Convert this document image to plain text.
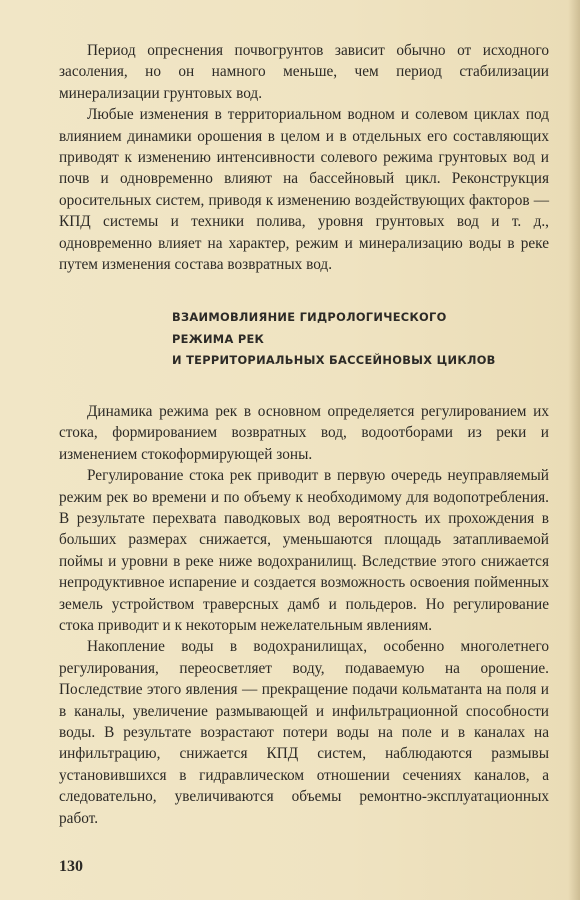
Период опреснения почвогрунтов зависит обычно от исходного засоления, но он намного меньше, чем период стабилизации минерализации грунтовых вод.

Любые изменения в территориальном водном и солевом циклах под влиянием динамики орошения в целом и в отдельных его составляющих приводят к изменению интенсивности солевого режима грунтовых вод и почв и одновременно влияют на бассейновый цикл. Реконструкция оросительных систем, приводя к изменению воздействующих факторов — КПД системы и техники полива, уровня грунтовых вод и т. д., одновременно влияет на характер, режим и минерализацию воды в реке путем изменения состава возвратных вод.

ВЗАИМОВЛИЯНИЕ ГИДРОЛОГИЧЕСКОГО
РЕЖИМА РЕК
И ТЕРРИТОРИАЛЬНЫХ БАССЕЙНОВЫХ ЦИКЛОВ

Динамика режима рек в основном определяется регулированием их стока, формированием возвратных вод, водоотборами из реки и изменением стокоформирующей зоны.

Регулирование стока рек приводит в первую очередь неуправляемый режим рек во времени и по объему к необходимому для водопотребления. В результате перехвата паводковых вод вероятность их прохождения в больших размерах снижается, уменьшаются площадь затапливаемой поймы и уровни в реке ниже водохранилищ. Вследствие этого снижается непродуктивное испарение и создается возможность освоения пойменных земель устройством траверсных дамб и польдеров. Но регулирование стока приводит и к некоторым нежелательным явлениям.

Накопление воды в водохранилищах, особенно многолетнего регулирования, переосветляет воду, подаваемую на орошение. Последствие этого явления — прекращение подачи кольматанта на поля и в каналы, увеличение размывающей и инфильтрационной способности воды. В результате возрастают потери воды на поле и в каналах на инфильтрацию, снижается КПД систем, наблюдаются размывы установившихся в гидравлическом отношении сечениях каналов, а следовательно, увеличиваются объемы ремонтно-эксплуатационных работ.

130
